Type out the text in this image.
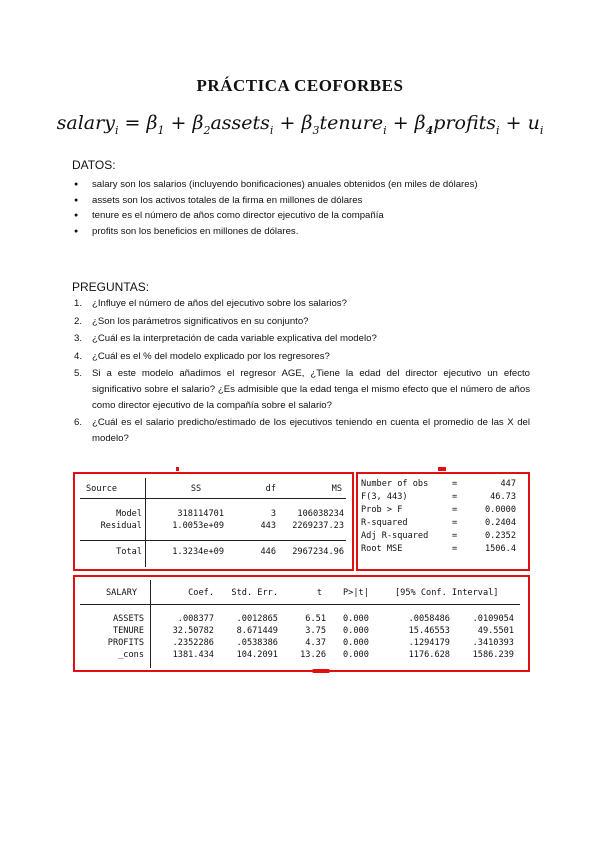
PRÁCTICA CEOFORBES
salary$_i$ = $\beta_1$ + $\beta_2assets_i$ + $\beta_3tenure_i$ + $\beta_4profits_i + u_i$
DATOS:
● salary son los salarios (incluyendo bonificaciones) anuales obtenidos (en miles de dólares)
● assets son los activos totales de la firma en millones de dólares
● tenure es el número de años como director ejecutivo de la compañía
● profits son los beneficios en millones de dólares.
PREGUNTAS:
1. ¿Influye el número de años del ejecutivo sobre los salarios?
2. ¿Son los parámetros significativos en su conjunto?
3. ¿Cuál es la interpretación de cada variable explicativa del modelo?
4. ¿Cuál es el % del modelo explicado por los regresores?
5. Si a este modelo añadimos el regresor AGE, ¿Tiene la edad del director ejecutivo un efecto significativo sobre el salario? ¿Es admisible que la edad tenga el mismo efecto que el número de años como director ejecutivo de la compañía sobre el salario?
6. ¿Cuál es el salario predicho/estimado de los ejecutivos teniendo en cuenta el promedio de las X del modelo?
Source	SS	df	MS
Model	318114701	3	106038234
Residual	1.0053e+09	443	2269237.23
Total	1.3234e+09	446	2967234.96
Number of obs	=	447
F(3, 443)	=	46.73
Prob > F	=	0.0000
R-squared	=	0.2404
Adj R-squared	=	0.2352
Root MSE	=	1506.4
SALARY	Coef.	Std. Err.	t P>|t|	[95% Conf. Interval]
ASSETS	.008377	.0012865	6.51 0.000	.0058486	.0109054
TENURE	32.50782	8.671449	3.75 0.000	15.46553	49.5501
PROFITS	.2352286	.0538386	4.37 0.000	.1294179	.3410393
_cons	1381.434	104.2091	13.26 0.000	1176.628	1586.239
